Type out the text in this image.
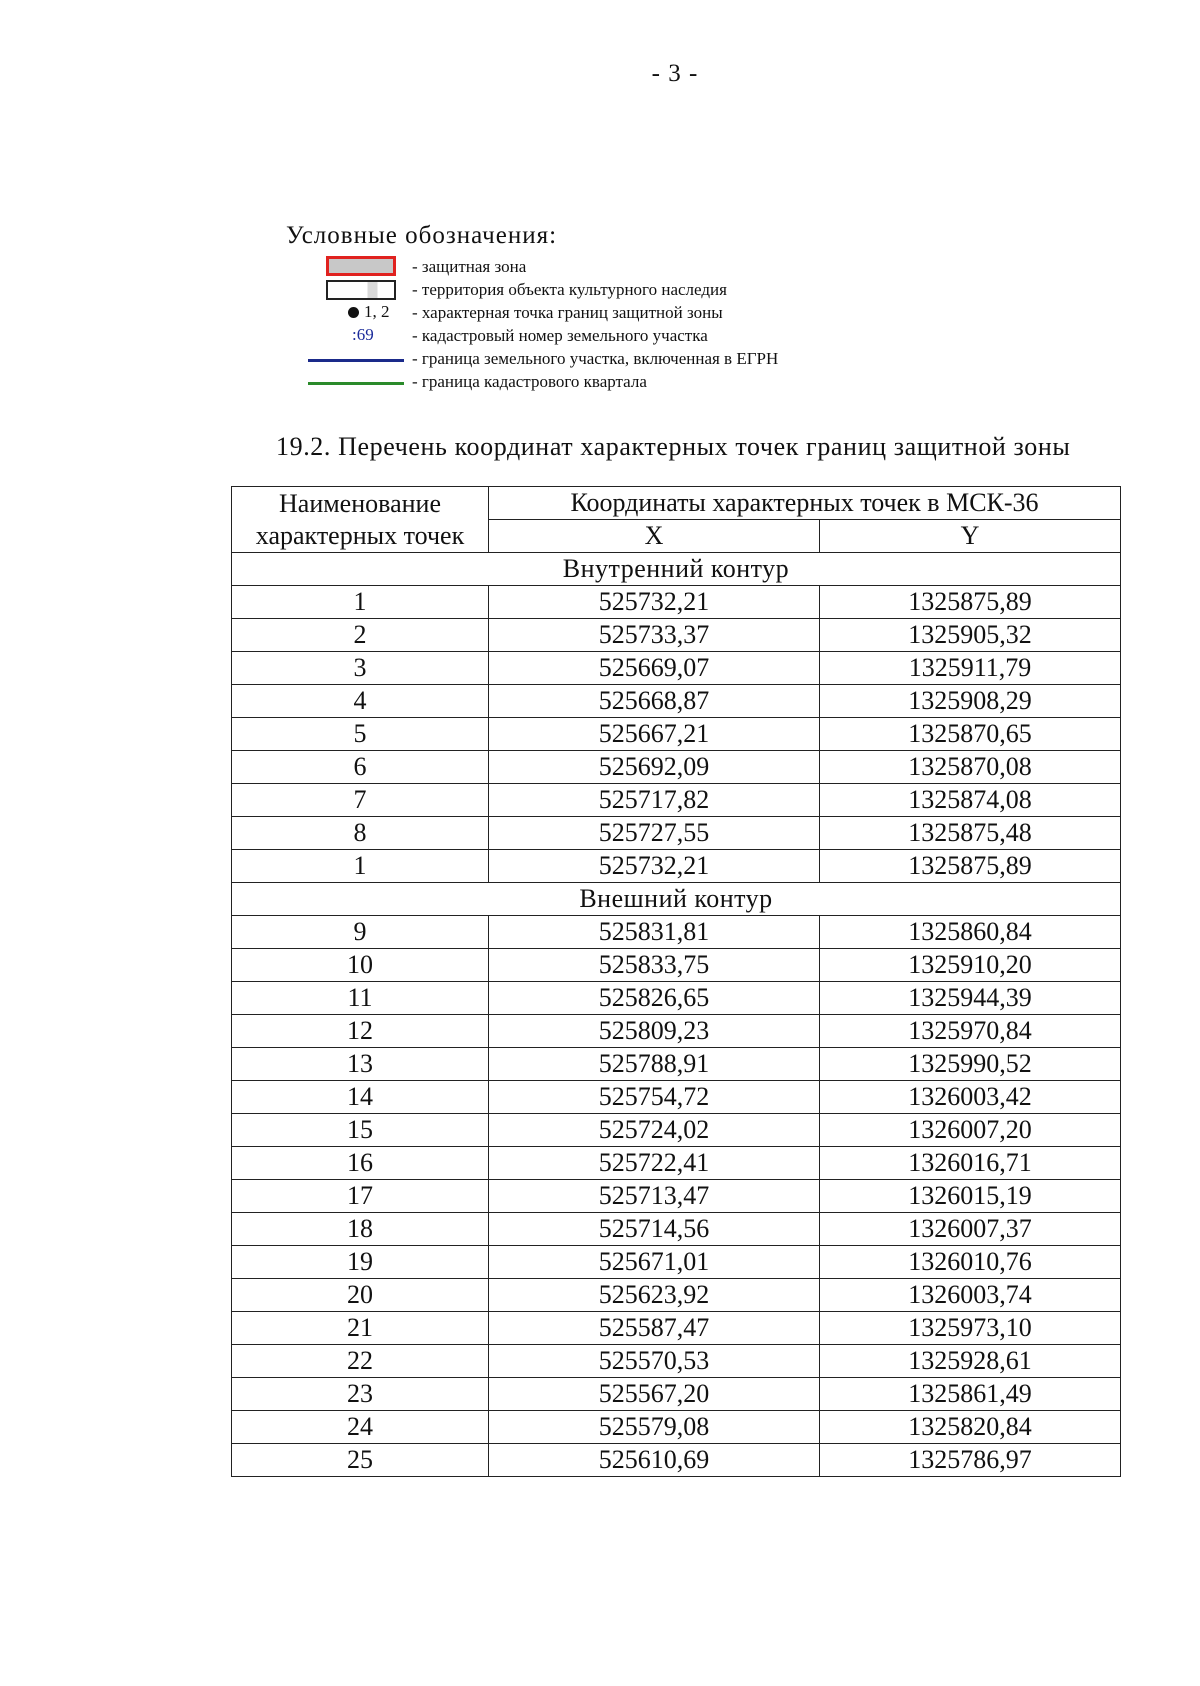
- 3 -
Условные обозначения:
- защитная зона
- территория объекта культурного наследия
1, 2 - характерная точка границ защитной зоны
:69 - кадастровый номер земельного участка
- граница земельного участка, включенная в ЕГРН
- граница кадастрового квартала
19.2. Перечень координат характерных точек границ защитной зоны
Наименование характерных точек	Координаты характерных точек в МСК-36	
	X	Y
Внутренний контур		
1	525732,21	1325875,89
2	525733,37	1325905,32
3	525669,07	1325911,79
4	525668,87	1325908,29
5	525667,21	1325870,65
6	525692,09	1325870,08
7	525717,82	1325874,08
8	525727,55	1325875,48
1	525732,21	1325875,89
Внешний контур		
9	525831,81	1325860,84
10	525833,75	1325910,20
11	525826,65	1325944,39
12	525809,23	1325970,84
13	525788,91	1325990,52
14	525754,72	1326003,42
15	525724,02	1326007,20
16	525722,41	1326016,71
17	525713,47	1326015,19
18	525714,56	1326007,37
19	525671,01	1326010,76
20	525623,92	1326003,74
21	525587,47	1325973,10
22	525570,53	1325928,61
23	525567,20	1325861,49
24	525579,08	1325820,84
25	525610,69	1325786,97
